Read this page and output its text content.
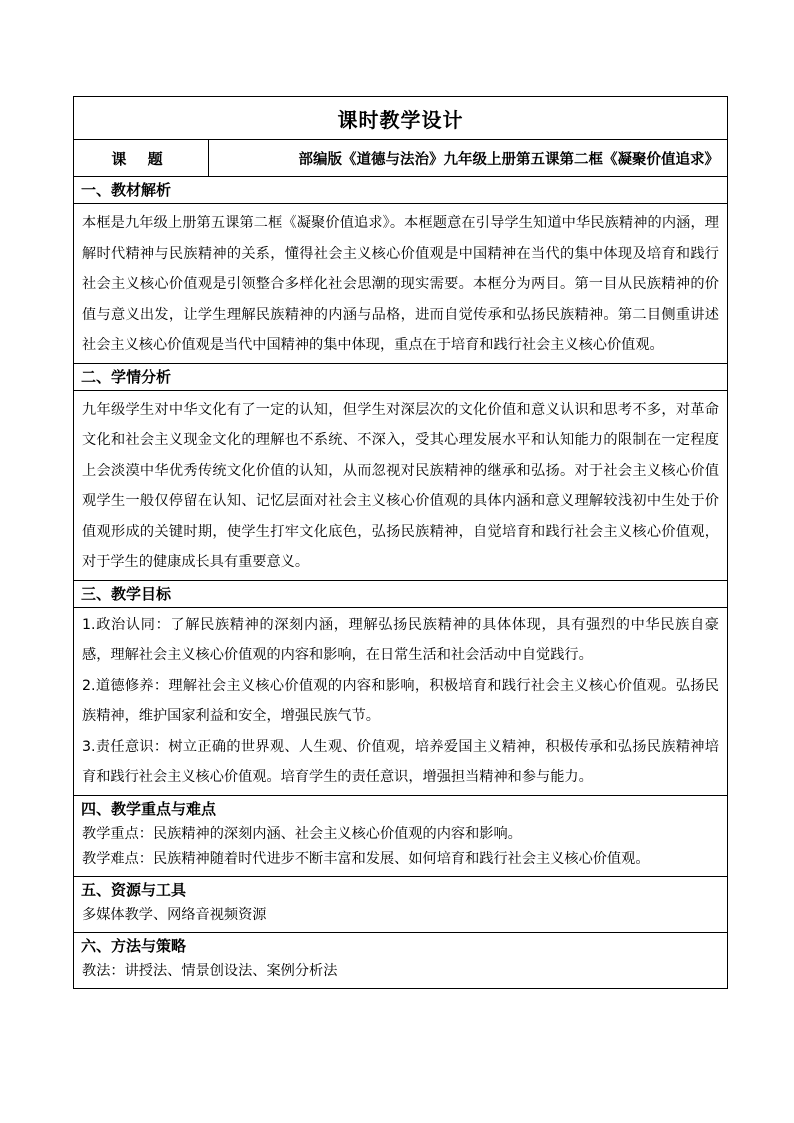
课时教学设计
课 题	部编版《道德与法治》九年级上册第五课第二框《凝聚价值追求》
一、教材解析

本框是九年级上册第五课第二框《凝聚价值追求》。本框题意在引导学生知道中华民族精神的内涵，理解时代精神与民族精神的关系，懂得社会主义核心价值观是中国精神在当代的集中体现及培育和践行社会主义核心价值观是引领整合多样化社会思潮的现实需要。本框分为两目。第一目从民族精神的价值与意义出发，让学生理解民族精神的内涵与品格，进而自觉传承和弘扬民族精神。第二目侧重讲述社会主义核心价值观是当代中国精神的集中体现，重点在于培育和践行社会主义核心价值观。

二、学情分析

九年级学生对中华文化有了一定的认知，但学生对深层次的文化价值和意义认识和思考不多，对革命文化和社会主义现金文化的理解也不系统、不深入，受其心理发展水平和认知能力的限制在一定程度上会淡漠中华优秀传统文化价值的认知，从而忽视对民族精神的继承和弘扬。对于社会主义核心价值观学生一般仅停留在认知、记忆层面对社会主义核心价值观的具体内涵和意义理解较浅初中生处于价值观形成的关键时期，使学生打牢文化底色，弘扬民族精神，自觉培育和践行社会主义核心价值观，对于学生的健康成长具有重要意义。

三、教学目标

1.政治认同：了解民族精神的深刻内涵，理解弘扬民族精神的具体体现，具有强烈的中华民族自豪感，理解社会主义核心价值观的内容和影响，在日常生活和社会活动中自觉践行。

2.道德修养：理解社会主义核心价值观的内容和影响，积极培育和践行社会主义核心价值观。弘扬民族精神，维护国家利益和安全，增强民族气节。

3.责任意识：树立正确的世界观、人生观、价值观，培养爱国主义精神，积极传承和弘扬民族精神培育和践行社会主义核心价值观。培育学生的责任意识，增强担当精神和参与能力。

四、教学重点与难点

教学重点：民族精神的深刻内涵、社会主义核心价值观的内容和影响。

教学难点：民族精神随着时代进步不断丰富和发展、如何培育和践行社会主义核心价值观。

五、资源与工具

多媒体教学、网络音视频资源

六、方法与策略

教法：讲授法、情景创设法、案例分析法
